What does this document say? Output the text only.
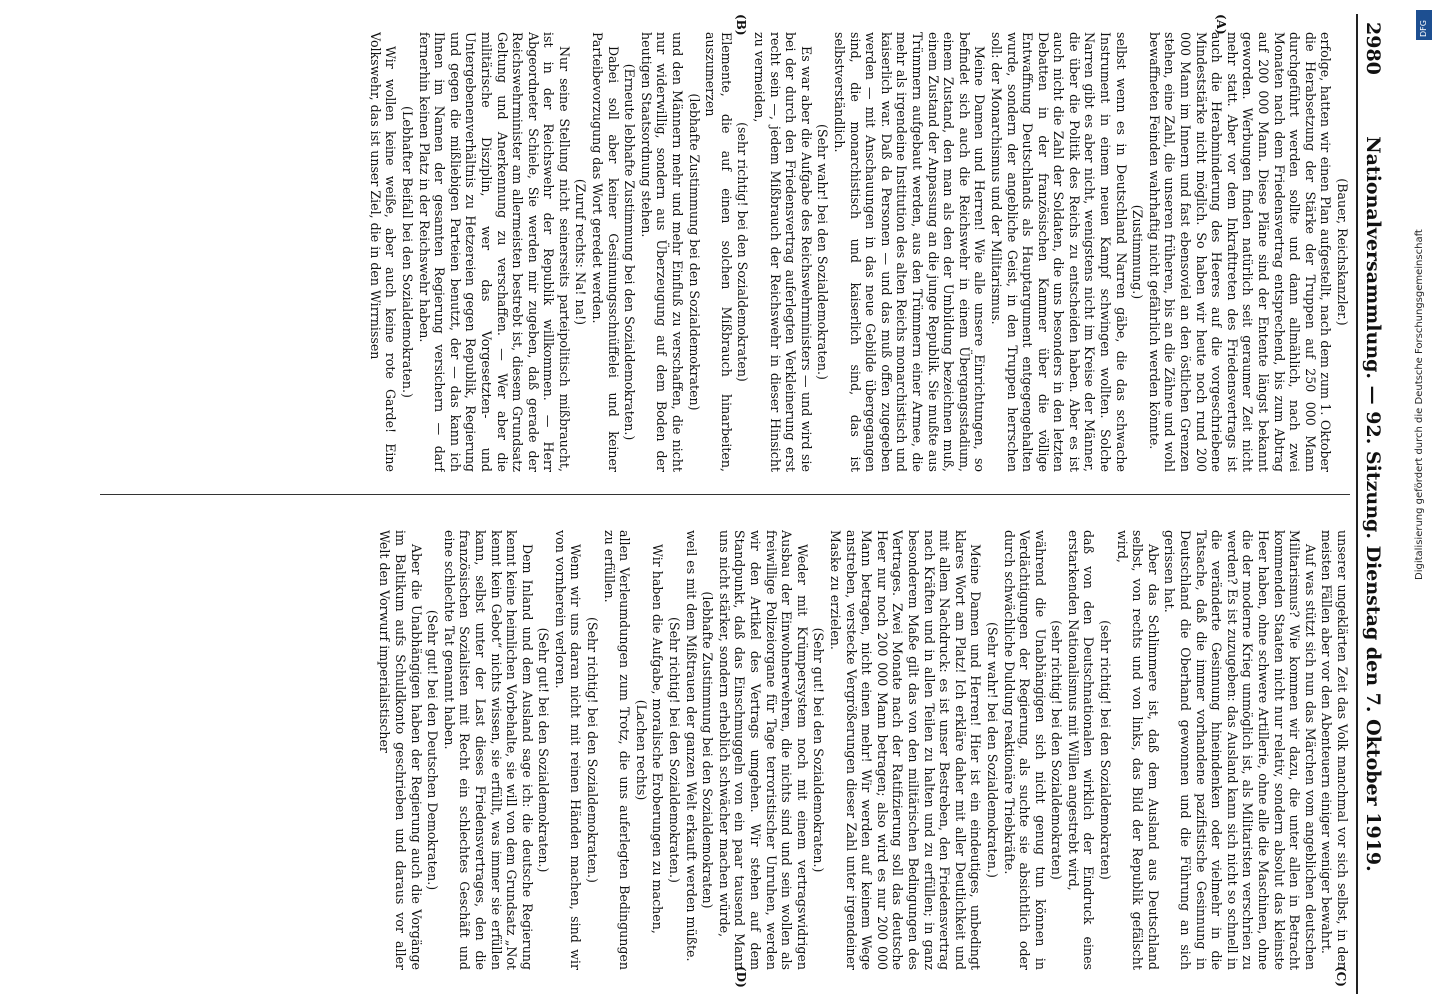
2980
Nationalversammlung. — 92. Sitzung. Dienstag den 7. Oktober 1919.

(Bauer, Reichskanzler.)

erfolge, hatten wir einen Plan aufgestellt, nach dem zum 1. Oktober die Herabsetzung der Stärke der Truppen auf 250 000 Mann durchgeführt werden sollte und dann allmählich, nach zwei Monaten nach dem Friedensvertrag entsprechend, bis zum Abtrag auf 200 000 Mann. Diese Pläne sind der Entente längst bekannt geworden. Werbungen finden natürlich seit geraumer Zeit nicht mehr statt. Aber vor dem Inkrafttreten des Friedensvertrags ist auch die Herabminderung des Heeres auf die vorgeschriebene Mindeststärke nicht möglich. So haben wir heute noch rund 200 000 Mann im Innern und fast ebensoviel an den östlichen Grenzen stehen, eine Zahl, die unseren früheren, bis an die Zähne und wohl bewaffneten Feinden wahrhaftig nicht gefährlich werden könnte.

(Zustimmung.)

selbst wenn es in Deutschland Narren gäbe, die das schwache Instrument in einem neuen Kampf schwingen wollten. Solche Narren gibt es aber nicht, wenigstens nicht im Kreise der Männer, die über die Politik des Reichs zu entscheiden haben. Aber es ist auch nicht die Zahl der Soldaten, die uns besonders in den letzten Debatten in der französischen Kammer über die völlige Entwaffnung Deutschlands als Hauptargument entgegengehalten wurde, sondern der angebliche Geist, in den Truppen herrschen soll: der Monarchismus und der Militarismus.

Meine Damen und Herren! Wie alle unsere Einrichtungen, so befindet sich auch die Reichswehr in einem Übergangsstadium, einem Zustand, den man als den der Umbildung bezeichnen muß, einem Zustand der Anpassung an die junge Republik. Sie mußte aus Trümmern aufgebaut werden, aus den Trümmern einer Armee, die mehr als irgendeine Institution des alten Reichs monarchistisch und kaiserlich war. Daß da Personen — und das muß offen zugegeben werden — mit Anschauungen in das neue Gebilde übergegangen sind, die monarchistisch und kaiserlich sind, das ist selbstverständlich.

(Sehr wahr! bei den Sozialdemokraten.)

Es war aber die Aufgabe des Reichswehrministers — und wird sie bei der durch den Friedensvertrag auferlegten Verkleinerung erst recht sein —, jedem Mißbrauch der Reichswehr in dieser Hinsicht zu vermeiden,

(sehr richtig! bei den Sozialdemokraten)

Elemente, die auf einen solchen Mißbrauch hinarbeiten, auszumerzen

(lebhafte Zustimmung bei den Sozialdemokraten)

und den Männern mehr und mehr Einfluß zu verschaffen, die nicht nur widerwillig, sondern aus Überzeugung auf dem Boden der heutigen Staatsordnung stehen.

(Erneute lebhafte Zustimmung bei den Sozialdemokraten.)

Dabei soll aber keiner Gesinnungsschnüffelei und keiner Parteibevorzugung das Wort geredet werden.

(Zuruf rechts: Na! na!)

Nur seine Stellung nicht seinerseits parteipolitisch mißbraucht, ist in der Reichswehr der Republik willkommen. — Herr Abgeordneter Schiele, Sie werden mir zugeben, daß gerade der Reichswehrminister am allermeisten bestrebt ist, diesem Grundsatz Geltung und Anerkennung zu verschaffen. — Wer aber die militärische Disziplin, wer das Vorgesetzten- und Untergebenenverhältnis zu Hetzereien gegen Republik, Regierung und gegen die mißliebigen Parteien benutzt, der — das kann ich Ihnen im Namen der gesamten Regierung versichern — darf fernerhin keinen Platz in der Reichswehr haben.

(Lebhafter Beifall bei den Sozialdemokraten.)

Wir wollen keine weiße, aber auch keine rote Garde! Eine Volkswehr, das ist unser Ziel, die in den Wirrnissen

unserer ungeklärten Zeit das Volk manchmal vor sich selbst, in den meisten Fällen aber vor den Abenteuern einiger weniger bewahrt.

Auf was stützt sich nun das Märchen vom angeblichen deutschen Militarismus? Wie kommen wir dazu, die unter allen in Betracht kommenden Staaten nicht nur relativ, sondern absolut das kleinste Heer haben, ohne schwere Artillerie, ohne alle die Maschinen, ohne die der moderne Krieg unmöglich ist, als Militaristen verschrien zu werden? Es ist zuzugeben: das Ausland kann sich nicht so schnell in die veränderte Gesinnung hineindenken oder vielmehr in die Tatsache, daß die immer vorhandene pazifistische Gesinnung in Deutschland die Oberhand gewonnen und die Führung an sich gerissen hat.

Aber das Schlimmere ist, daß dem Ausland aus Deutschland selbst, von rechts und von links, das Bild der Republik gefälscht wird,

(sehr richtig! bei den Sozialdemokraten)

daß von den Deutschnationalen wirklich der Eindruck eines erstarkenden Nationalismus mit Willen angestrebt wird,

(sehr richtig! bei den Sozialdemokraten)

während die Unabhängigen sich nicht genug tun können in Verdächtigungen der Regierung, als suchte sie absichtlich oder durch schwächliche Duldung reaktionäre Triebkräfte.

(Sehr wahr! bei den Sozialdemokraten.)

Meine Damen und Herren! Hier ist ein eindeutiges, unbedingt klares Wort am Platz! Ich erkläre daher mit aller Deutlichkeit und mit allem Nachdruck: es ist unser Bestreben, den Friedensvertrag nach Kräften und in allen Teilen zu halten und zu erfüllen; in ganz besonderem Maße gilt das von den militärischen Bedingungen des Vertrages. Zwei Monate nach der Ratifizierung soll das deutsche Heer nur noch 200 000 Mann betragen; also wird es nur 200 000 Mann betragen, nicht einen mehr! Wir werden auf keinem Wege anstreben, verstecke Vergrößerungen dieser Zahl unter irgendeiner Maske zu erzielen.

(Sehr gut! bei den Sozialdemokraten.)

Weder mit Krümpersystem noch mit einem vertragswidrigen Ausbau der Einwohnerwehren, die nichts sind und sein wollen als freiwillige Polizeiorgane für Tage terroristischer Unruhen, werden wir den Artikel des Vertrags umgehen. Wir stehen auf dem Standpunkt, daß das Einschmuggeln von ein paar tausend Mann uns nicht stärker, sondern erheblich schwächer machen würde,

(lebhafte Zustimmung bei den Sozialdemokraten)

weil es mit dem Mißtrauen der ganzen Welt erkauft werden müßte.

(Sehr richtig! bei den Sozialdemokraten.)

Wir haben die Aufgabe, moralische Eroberungen zu machen,

(Lachen rechts)

allen Verleumdungen zum Trotz, die uns auferlegten Bedingungen zu erfüllen.

(Sehr richtig! bei den Sozialdemokraten.)

Wenn wir uns daran nicht mit reinen Händen machen, sind wir von vornherein verloren.

(Sehr gut! bei den Sozialdemokraten.)

Dem Inland und dem Ausland sage ich: die deutsche Regierung kennt keine heimlichen Vorbehalte, sie will von dem Grundsatz „Not kennt kein Gebot“ nichts wissen, sie erfüllt, was immer sie erfüllen kann, selbst unter der Last dieses Friedensvertrages, den die französischen Sozialisten mit Recht ein schlechtes Geschäft und eine schlechte Tat genannt haben.

(Sehr gut! bei den Deutschen Demokraten.)

Aber die Unabhängigen haben der Regierung auch die Vorgänge im Baltikum aufs Schuldkonto geschrieben und daraus vor aller Welt den Vorwurf imperialistischer

(A)
(B)
(C)
(D)
DFG
Digitalisierung gefördert durch die Deutsche Forschungsgemeinschaft
